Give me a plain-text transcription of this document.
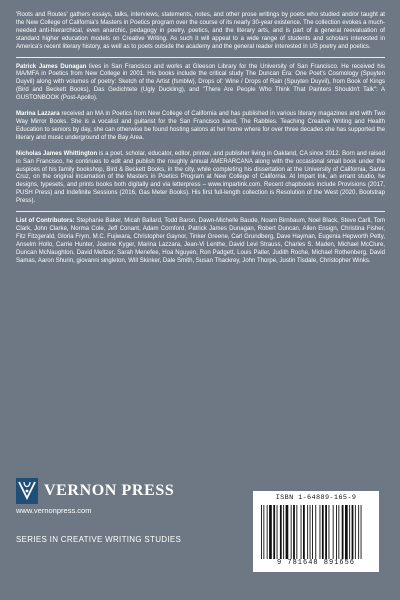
'Roots and Routes' gathers essays, talks, interviews, statements, notes, and other prose writings by poets who studied and/or taught at the New College of California's Masters in Poetics program over the course of its nearly 30-year existence. The collection evokes a much-needed anti-hierarchical, even anarchic, pedagogy in poetry, poetics, and the literary arts, and is part of a general reevaluation of standard higher education models on Creative Writing. As such it will appeal to a wide range of students and scholars interested in America's recent literary history, as well as to poets outside the academy and the general reader interested in US poetry and poetics.

Patrick James Dunagan lives in San Francisco and works at Gleeson Library for the University of San Francisco. He received his MA/MFA in Poetics from New College in 2001. His books include the critical study The Duncan Era: One Poet's Cosmology (Spuyten Duyvil) along with volumes of poetry: Sketch of the Artist (fsmblw), Drops of: Wine / Drops of Rain (Spuyten Duyvil), from Book of Kings (Bird and Beckett Books), Das Gedichtete (Ugly Duckling), and "There Are People Who Think That Painters Shouldn't Talk": A GUSTONBOOK (Post-Apollo).

Marina Lazzara received an MA in Poetics from New College of California and has published in various literary magazines and with Two Way Mirror Books. She is a vocalist and guitarist for the San Francisco band, The Rabbles. Teaching Creative Writing and Health Education to seniors by day, she can otherwise be found hosting salons at her home where for over three decades she has supported the literary and music underground of the Bay Area.

Nicholas James Whittington is a poet, scholar, educator, editor, printer, and publisher living in Oakland, CA since 2012. Born and raised in San Francisco, he continues to edit and publish the roughly annual AMERARCANA along with the occasional small book under the auspices of his family bookshop, Bird & Beckett Books, in the city, while completing his dissertation at the University of California, Santa Cruz, on the original incarnation of the Masters in Poetics Program at New College of California. At Impart Ink, an errant studio, he designs, typesets, and prints books both digitally and via letterpress – www.impartink.com. Recent chapbooks include Provisions (2017, PUSH Press) and Indefinite Sessions (2016, Gas Meter Books). His first full-length collection is Resolution of the West (2020, Bootstrap Press).

List of Contributors: Stephanie Baker, Micah Ballard, Todd Baron, Dawn-Michelle Baude, Noam Birnbaum, Noel Black, Steve Carll, Tom Clark, John Clarke, Norma Cole, Jeff Conant, Adam Cornford, Patrick James Dunagan, Robert Duncan, Allen Ensign, Christina Fisher, Fitz Fitzgerald, Gloria Frym, M.C. Fujiwara, Christopher Gaynor, Tinker Greene, Carl Grundberg, Dave Hayman, Eugenia Hepworth Petty, Anselm Hollo, Carrie Hunter, Joanne Kyger, Marina Lazzara, Jean-Vi Lenthe, David Levi Strauss, Charles S. Maden, Michael McClure, Duncan McNaughton, David Meltzer, Sarah Menefee, Hoa Nguyen, Ron Padgett, Louis Patler, Judith Roche, Michael Rothenberg, David Samas, Aaron Shurin, giovanni singleton, Will Skinker, Dale Smith, Susan Thackrey, John Thorpe, Justin Tisdale, Christopher Winks.

VERNON PRESS
www.vernonpress.com
SERIES IN CREATIVE WRITING STUDIES
ISBN 1-64889-165-9
9 781648 891656
